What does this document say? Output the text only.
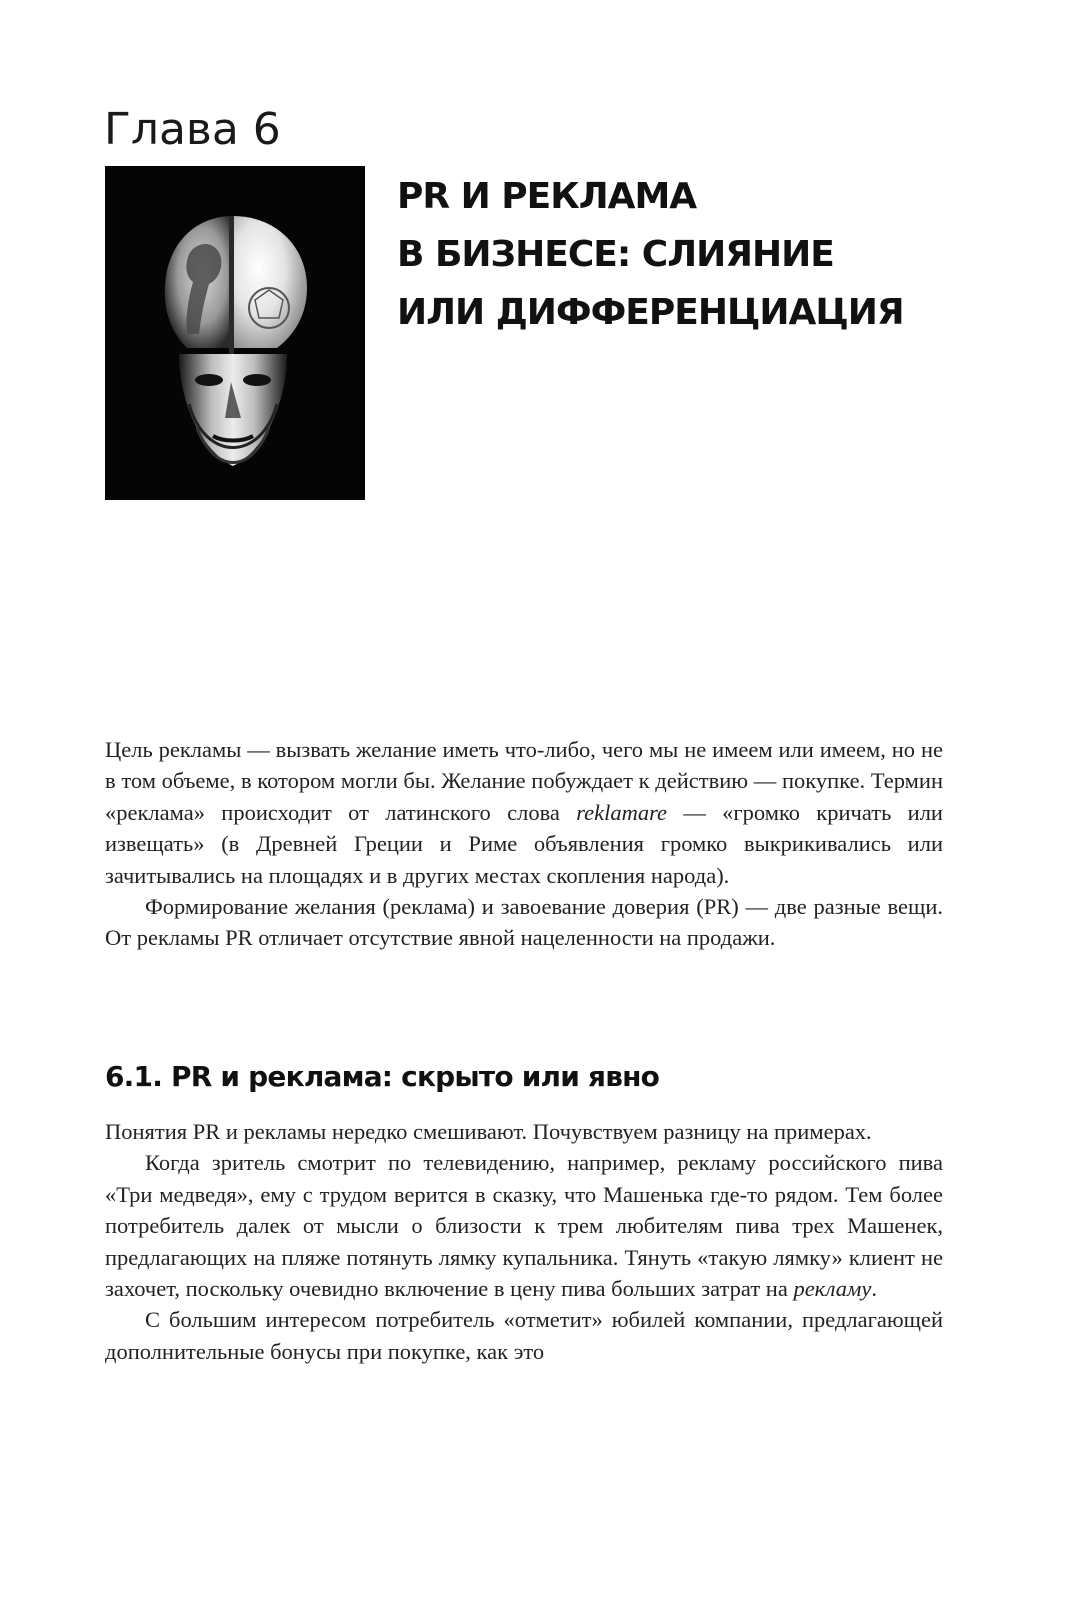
Глава 6
PR И РЕКЛАМА
В БИЗНЕСЕ: СЛИЯНИЕ
ИЛИ ДИФФЕРЕНЦИАЦИЯ

Цель рекламы — вызвать желание иметь что-либо, чего мы не имеем или имеем, но не в том объеме, в котором могли бы. Желание побуждает к действию — покупке. Термин «реклама» происходит от латинского слова reklamare — «громко кричать или извещать» (в Древней Греции и Риме объявления громко выкрикивались или зачитывались на площадях и в других местах скопления народа).

Формирование желания (реклама) и завоевание доверия (PR) — две разные вещи. От рекламы PR отличает отсутствие явной нацеленности на продажи.

6.1. PR и реклама: скрыто или явно

Понятия PR и рекламы нередко смешивают. Почувствуем разницу на примерах.

Когда зритель смотрит по телевидению, например, рекламу российского пива «Три медведя», ему с трудом верится в сказку, что Машенька где-то рядом. Тем более потребитель далек от мысли о близости к трем любителям пива трех Машенек, предлагающих на пляже потянуть лямку купальника. Тянуть «такую лямку» клиент не захочет, поскольку очевидно включение в цену пива больших затрат на рекламу.

С большим интересом потребитель «отметит» юбилей компании, предлагающей дополнительные бонусы при покупке, как это
